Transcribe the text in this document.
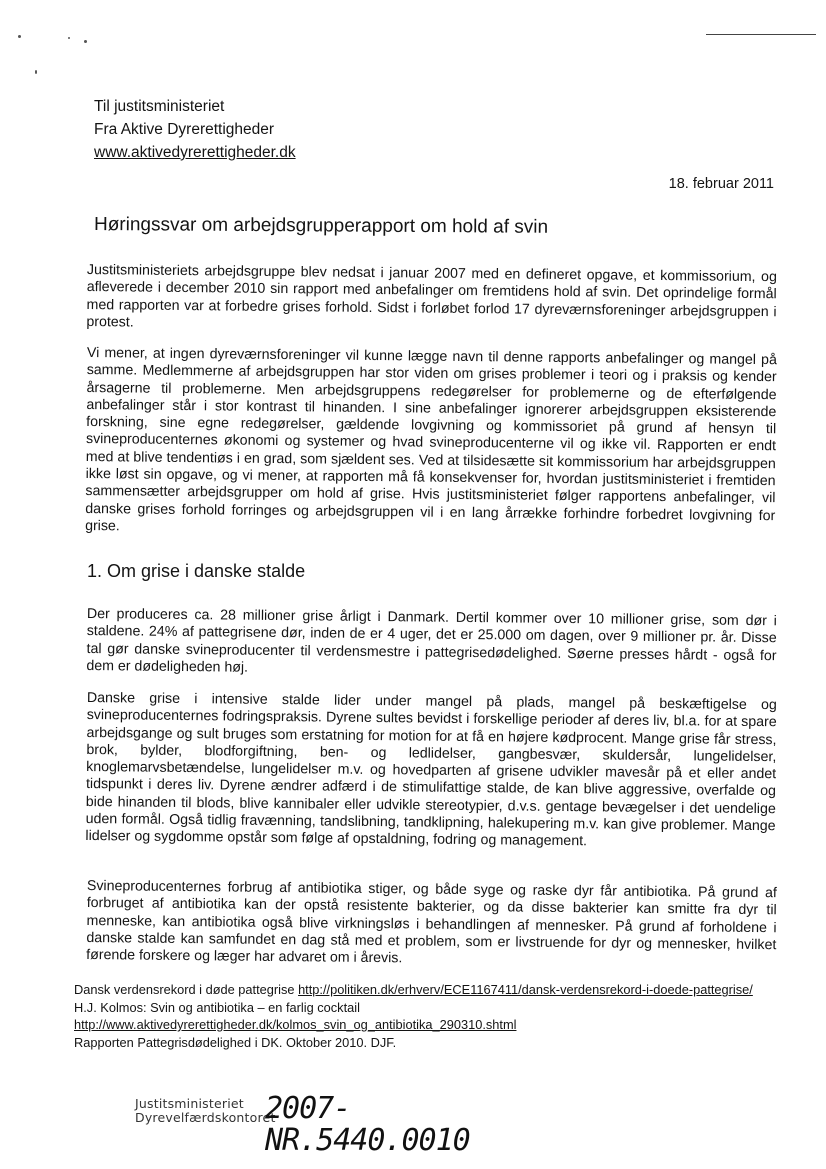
Til justitsministeriet
Fra Aktive Dyrerettigheder
www.aktivedyrerettigheder.dk
18. februar 2011
Høringssvar om arbejdsgrupperapport om hold af svin
Justitsministeriets arbejdsgruppe blev nedsat i januar 2007 med en defineret opgave, et kommissorium, og afleverede i december 2010 sin rapport med anbefalinger om fremtidens hold af svin. Det oprindelige formål med rapporten var at forbedre grises forhold. Sidst i forløbet forlod 17 dyreværnsforeninger arbejdsgruppen i protest.
Vi mener, at ingen dyreværnsforeninger vil kunne lægge navn til denne rapports anbefalinger og mangel på samme. Medlemmerne af arbejdsgruppen har stor viden om grises problemer i teori og i praksis og kender årsagerne til problemerne. Men arbejdsgruppens redegørelser for problemerne og de efterfølgende anbefalinger står i stor kontrast til hinanden. I sine anbefalinger ignorerer arbejdsgruppen eksisterende forskning, sine egne redegørelser, gældende lovgivning og kommissoriet på grund af hensyn til svineproducenternes økonomi og systemer og hvad svineproducenterne vil og ikke vil. Rapporten er endt med at blive tendentiøs i en grad, som sjældent ses. Ved at tilsidesætte sit kommissorium har arbejdsgruppen ikke løst sin opgave, og vi mener, at rapporten må få konsekvenser for, hvordan justitsministeriet i fremtiden sammensætter arbejdsgrupper om hold af grise. Hvis justitsministeriet følger rapportens anbefalinger, vil danske grises forhold forringes og arbejdsgruppen vil i en lang årrække forhindre forbedret lovgivning for grise.
1. Om grise i danske stalde
Der produceres ca. 28 millioner grise årligt i Danmark. Dertil kommer over 10 millioner grise, som dør i staldene. 24% af pattegrisene dør, inden de er 4 uger, det er 25.000 om dagen, over 9 millioner pr. år. Disse tal gør danske svineproducenter til verdensmestre i pattegrisedødelighed. Søerne presses hårdt - også for dem er dødeligheden høj.
Danske grise i intensive stalde lider under mangel på plads, mangel på beskæftigelse og svineproducenternes fodringspraksis. Dyrene sultes bevidst i forskellige perioder af deres liv, bl.a. for at spare arbejdsgange og sult bruges som erstatning for motion for at få en højere kødprocent. Mange grise får stress, brok, bylder, blodforgiftning, ben- og ledlidelser, gangbesvær, skuldersår, lungelidelser, knoglemarvsbetændelse, lungelidelser m.v. og hovedparten af grisene udvikler mavesår på et eller andet tidspunkt i deres liv. Dyrene ændrer adfærd i de stimulifattige stalde, de kan blive aggressive, overfalde og bide hinanden til blods, blive kannibaler eller udvikle stereotypier, d.v.s. gentage bevægelser i det uendelige uden formål. Også tidlig fravænning, tandslibning, tandklipning, halekupering m.v. kan give problemer. Mange lidelser og sygdomme opstår som følge af opstaldning, fodring og management.
Svineproducenternes forbrug af antibiotika stiger, og både syge og raske dyr får antibiotika. På grund af forbruget af antibiotika kan der opstå resistente bakterier, og da disse bakterier kan smitte fra dyr til menneske, kan antibiotika også blive virkningsløs i behandlingen af mennesker. På grund af forholdene i danske stalde kan samfundet en dag stå med et problem, som er livstruende for dyr og mennesker, hvilket førende forskere og læger har advaret om i årevis.
Dansk verdensrekord i døde pattegrise http://politiken.dk/erhverv/ECE1167411/dansk-verdensrekord-i-doede-pattegrise/
H.J. Kolmos: Svin og antibiotika – en farlig cocktail
http://www.aktivedyrerettigheder.dk/kolmos_svin_og_antibiotika_290310.shtml
Rapporten Pattegrisdødelighed i DK. Oktober 2010. DJF.
Justitsministeriet
Dyrevelfærdskontoret
2007-NR.5440.0010
